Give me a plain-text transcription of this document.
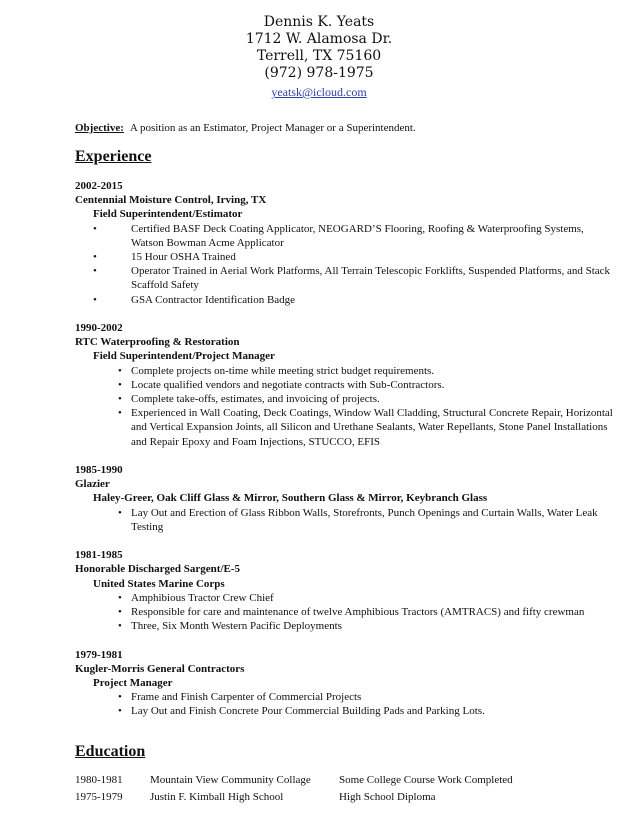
Dennis K. Yeats
1712 W. Alamosa Dr.
Terrell, TX 75160
(972) 978-1975
yeatsk@icloud.com
Objective: A position as an Estimator, Project Manager or a Superintendent.
Experience
2002-2015
Centennial Moisture Control, Irving, TX
Field Superintendent/Estimator
•	Certified BASF Deck Coating Applicator, NEOGARD’S Flooring, Roofing & Waterproofing Systems, Watson Bowman Acme Applicator
•	15 Hour OSHA Trained
•	Operator Trained in Aerial Work Platforms, All Terrain Telescopic Forklifts, Suspended Platforms, and Stack Scaffold Safety
•	GSA Contractor Identification Badge
1990-2002
RTC Waterproofing & Restoration
Field Superintendent/Project Manager
• Complete projects on-time while meeting strict budget requirements.
• Locate qualified vendors and negotiate contracts with Sub-Contractors.
• Complete take-offs, estimates, and invoicing of projects.
• Experienced in Wall Coating, Deck Coatings, Window Wall Cladding, Structural Concrete Repair, Horizontal and Vertical Expansion Joints, all Silicon and Urethane Sealants, Water Repellants, Stone Panel Installations and Repair Epoxy and Foam Injections, STUCCO, EFIS
1985-1990
Glazier
Haley-Greer, Oak Cliff Glass & Mirror, Southern Glass & Mirror, Keybranch Glass
• Lay Out and Erection of Glass Ribbon Walls, Storefronts, Punch Openings and Curtain Walls, Water Leak Testing
1981-1985
Honorable Discharged Sargent/E-5
United States Marine Corps
• Amphibious Tractor Crew Chief
• Responsible for care and maintenance of twelve Amphibious Tractors (AMTRACS) and fifty crewman
• Three, Six Month Western Pacific Deployments
1979-1981
Kugler-Morris General Contractors
Project Manager
• Frame and Finish Carpenter of Commercial Projects
• Lay Out and Finish Concrete Pour Commercial Building Pads and Parking Lots.
Education
1980-1981 Mountain View Community Collage	Some College Course Work Completed
1975-1979 Justin F. Kimball High School	High School Diploma
